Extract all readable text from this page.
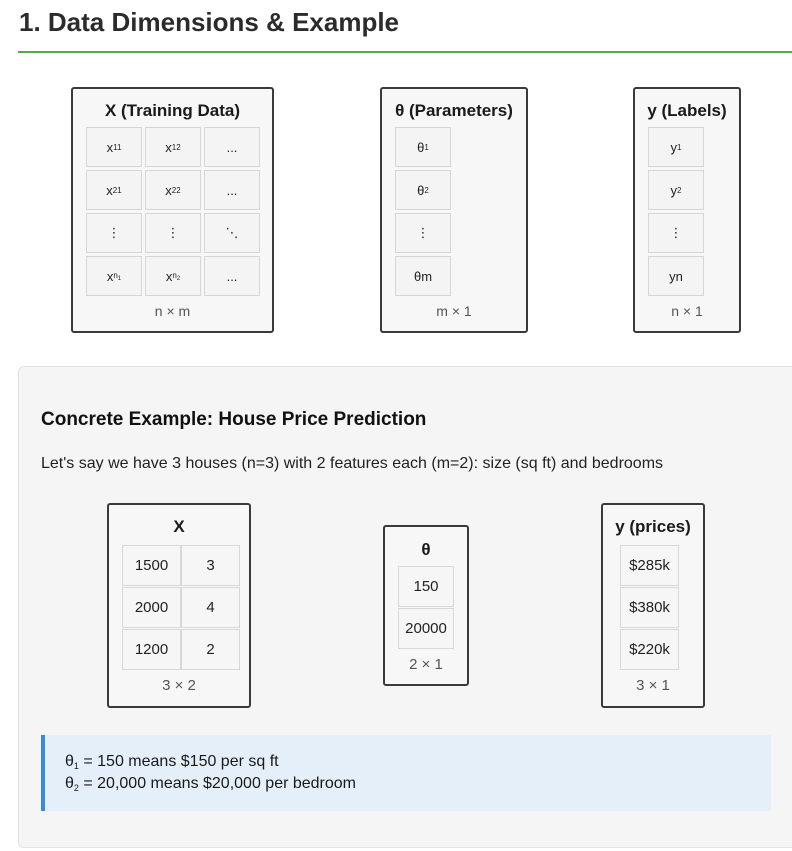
1. Data Dimensions & Example
X (Training Data)
x 11	x 12	...
x 21	x 22	...
⋮	⋮	⋱
x $n_1$	x $n_2$	...
n × m
θ (Parameters)
θ 1
θ 2
⋮
θm
m × 1
y (Labels)
y 1
y 2
⋮
yn
n × 1
Concrete Example: House Price Prediction
Let's say we have 3 houses (n=3) with 2 features each (m=2): size (sq ft) and bedrooms
X
1500	3
2000	4
1200	2
3 × 2
θ
150
20000
2 × 1
y (prices)
$285k
$380k
$220k
3 × 1
$\theta_1 = 150$ means $150 per sq ft
$\theta_2 = 20,000$ means $20,000 per bedroom
